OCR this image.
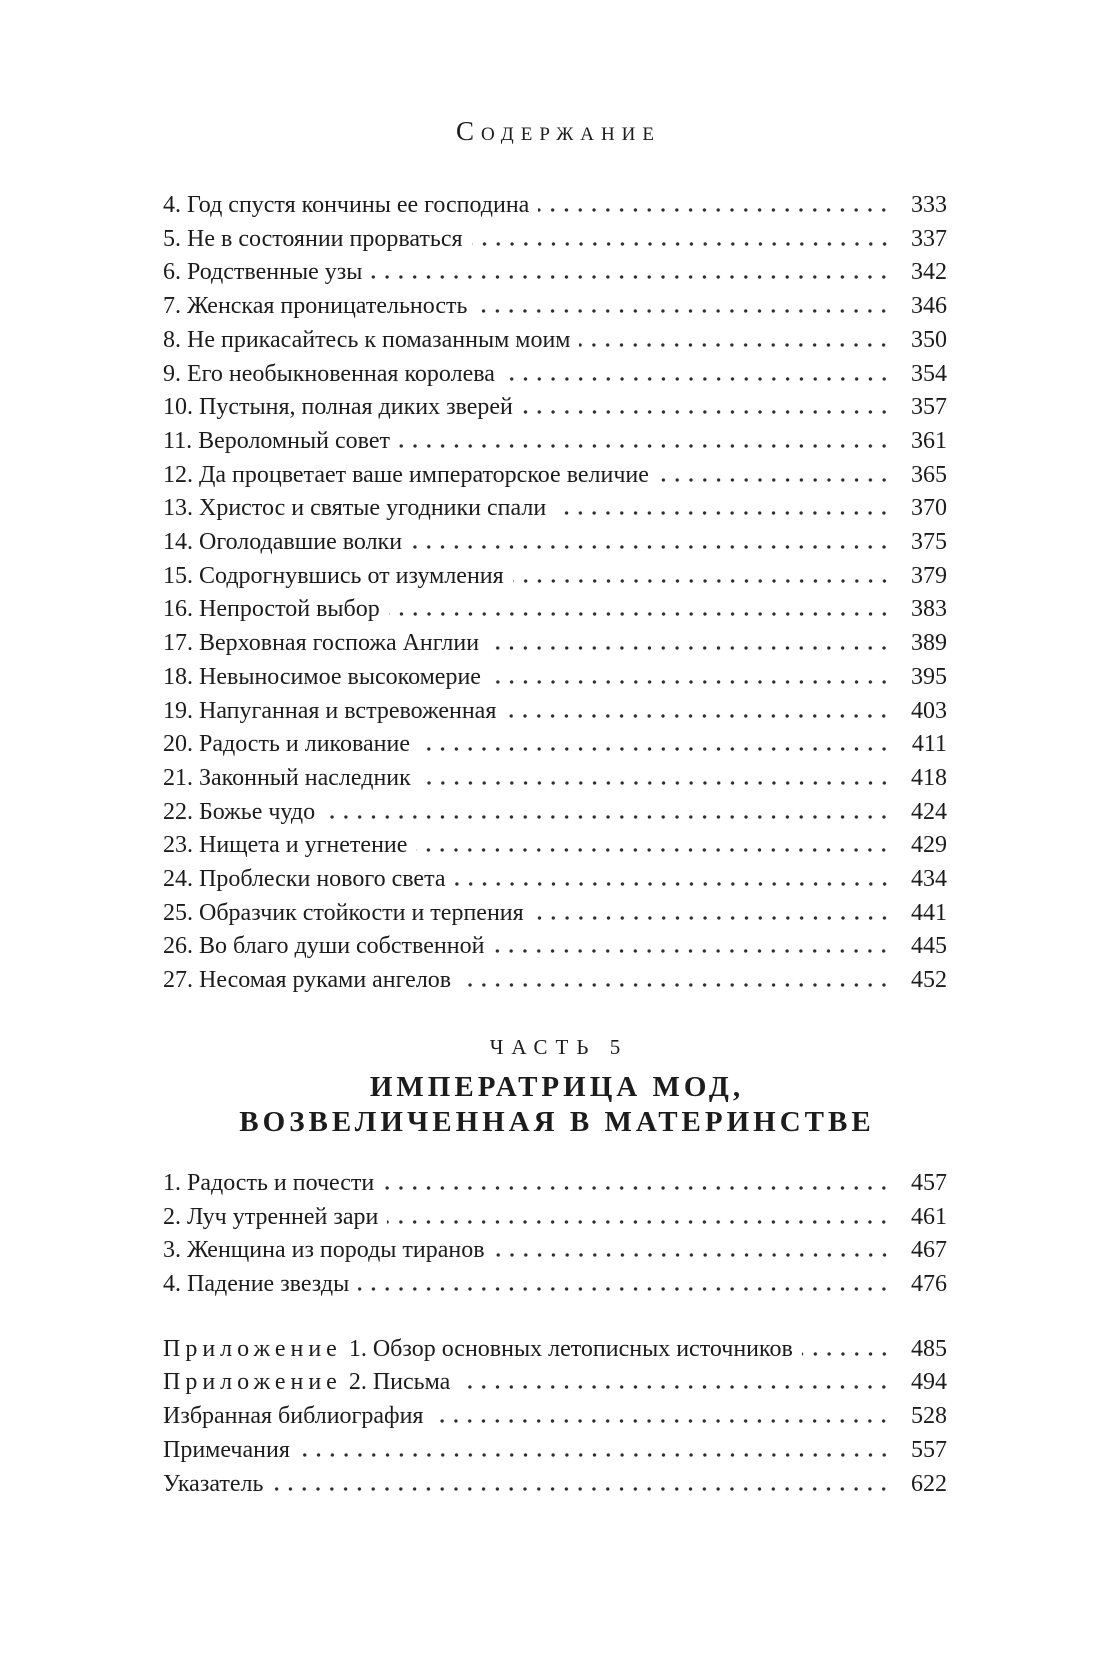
Содержание
4. Год спустя кончины ее господина	333
5. Не в состоянии прорваться	337
6. Родственные узы	342
7. Женская проницательность	346
8. Не прикасайтесь к помазанным моим	350
9. Его необыкновенная королева	354
10. Пустыня, полная диких зверей	357
11. Вероломный совет	361
12. Да процветает ваше императорское величие	365
13. Христос и святые угодники спали	370
14. Оголодавшие волки	375
15. Содрогнувшись от изумления	379
16. Непростой выбор	383
17. Верховная госпожа Англии	389
18. Невыносимое высокомерие	395
19. Напуганная и встревоженная	403
20. Радость и ликование	411
21. Законный наследник	418
22. Божье чудо	424
23. Нищета и угнетение	429
24. Проблески нового света	434
25. Образчик стойкости и терпения	441
26. Во благо души собственной	445
27. Несомая руками ангелов	452
ЧАСТЬ 5
ИМПЕРАТРИЦА МОД,
ВОЗВЕЛИЧЕННАЯ В МАТЕРИНСТВЕ
1. Радость и почести	457
2. Луч утренней зари	461
3. Женщина из породы тиранов	467
4. Падение звезды	476
Приложение 1. Обзор основных летописных источников	485
Приложение 2. Письма	494
Избранная библиография	528
Примечания	557
Указатель	622
